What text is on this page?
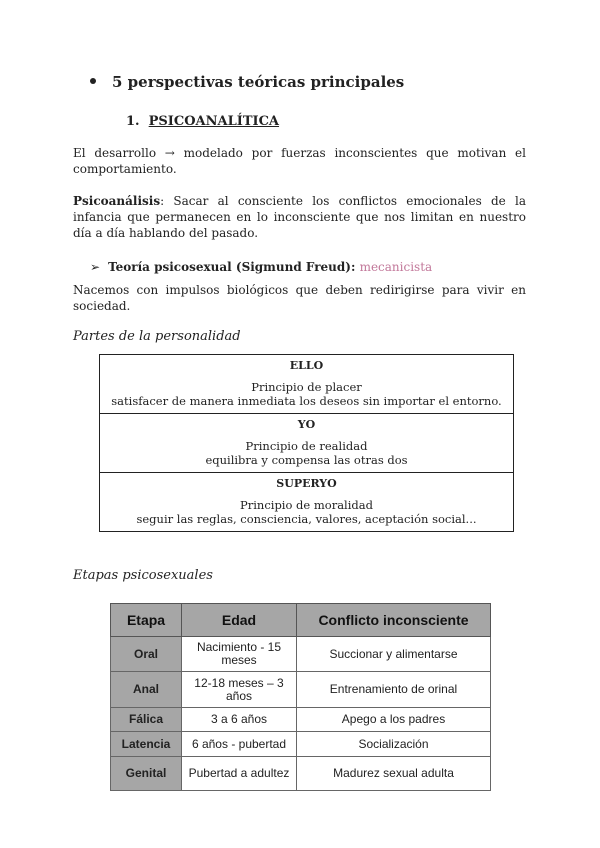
5 perspectivas teóricas principales
1. PSICOANALÍTICA
El desarrollo → modelado por fuerzas inconscientes que motivan el comportamiento.
Psicoanálisis: Sacar al consciente los conflictos emocionales de la infancia que permanecen en lo inconsciente que nos limitan en nuestro día a día hablando del pasado.
➢ Teoría psicosexual (Sigmund Freud): mecanicista
Nacemos con impulsos biológicos que deben redirigirse para vivir en sociedad.
Partes de la personalidad
ELLO
Principio de placer
satisfacer de manera inmediata los deseos sin importar el entorno.

YO
Principio de realidad
equilibra y compensa las otras dos

SUPERYO
Principio de moralidad
seguir las reglas, consciencia, valores, aceptación social...
Etapas psicosexuales
Etapa	Edad	Conflicto inconsciente
Oral	Nacimiento - 15 meses	Succionar y alimentarse
Anal	12-18 meses – 3 años	Entrenamiento de orinal
Fálica	3 a 6 años	Apego a los padres
Latencia	6 años - pubertad	Socialización
Genital	Pubertad a adultez	Madurez sexual adulta
